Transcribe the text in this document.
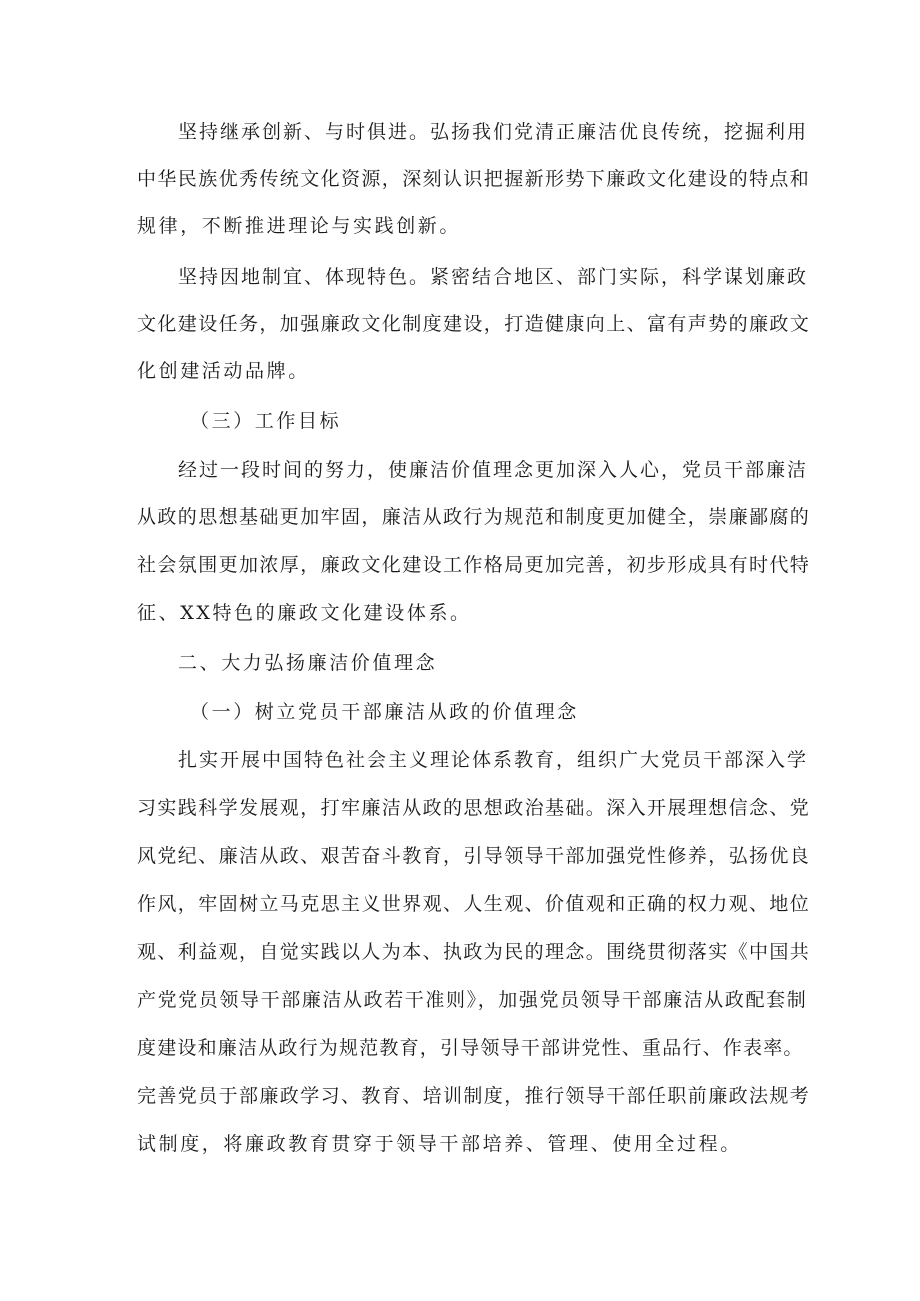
坚持继承创新、与时俱进。弘扬我们党清正廉洁优良传统，挖掘利用
中华民族优秀传统文化资源，深刻认识把握新形势下廉政文化建设的特点和
规律，不断推进理论与实践创新。
坚持因地制宜、体现特色。紧密结合地区、部门实际，科学谋划廉政
文化建设任务，加强廉政文化制度建设，打造健康向上、富有声势的廉政文
化创建活动品牌。
（三）工作目标
经过一段时间的努力，使廉洁价值理念更加深入人心，党员干部廉洁
从政的思想基础更加牢固，廉洁从政行为规范和制度更加健全，崇廉鄙腐的
社会氛围更加浓厚，廉政文化建设工作格局更加完善，初步形成具有时代特
征、XX特色的廉政文化建设体系。
二、大力弘扬廉洁价值理念
（一）树立党员干部廉洁从政的价值理念
扎实开展中国特色社会主义理论体系教育，组织广大党员干部深入学
习实践科学发展观，打牢廉洁从政的思想政治基础。深入开展理想信念、党
风党纪、廉洁从政、艰苦奋斗教育，引导领导干部加强党性修养，弘扬优良
作风，牢固树立马克思主义世界观、人生观、价值观和正确的权力观、地位
观、利益观，自觉实践以人为本、执政为民的理念。围绕贯彻落实《中国共
产党党员领导干部廉洁从政若干准则》，加强党员领导干部廉洁从政配套制
度建设和廉洁从政行为规范教育，引导领导干部讲党性、重品行、作表率。
完善党员于部廉政学习、教育、培训制度，推行领导干部任职前廉政法规考
试制度，将廉政教育贯穿于领导干部培养、管理、使用全过程。
